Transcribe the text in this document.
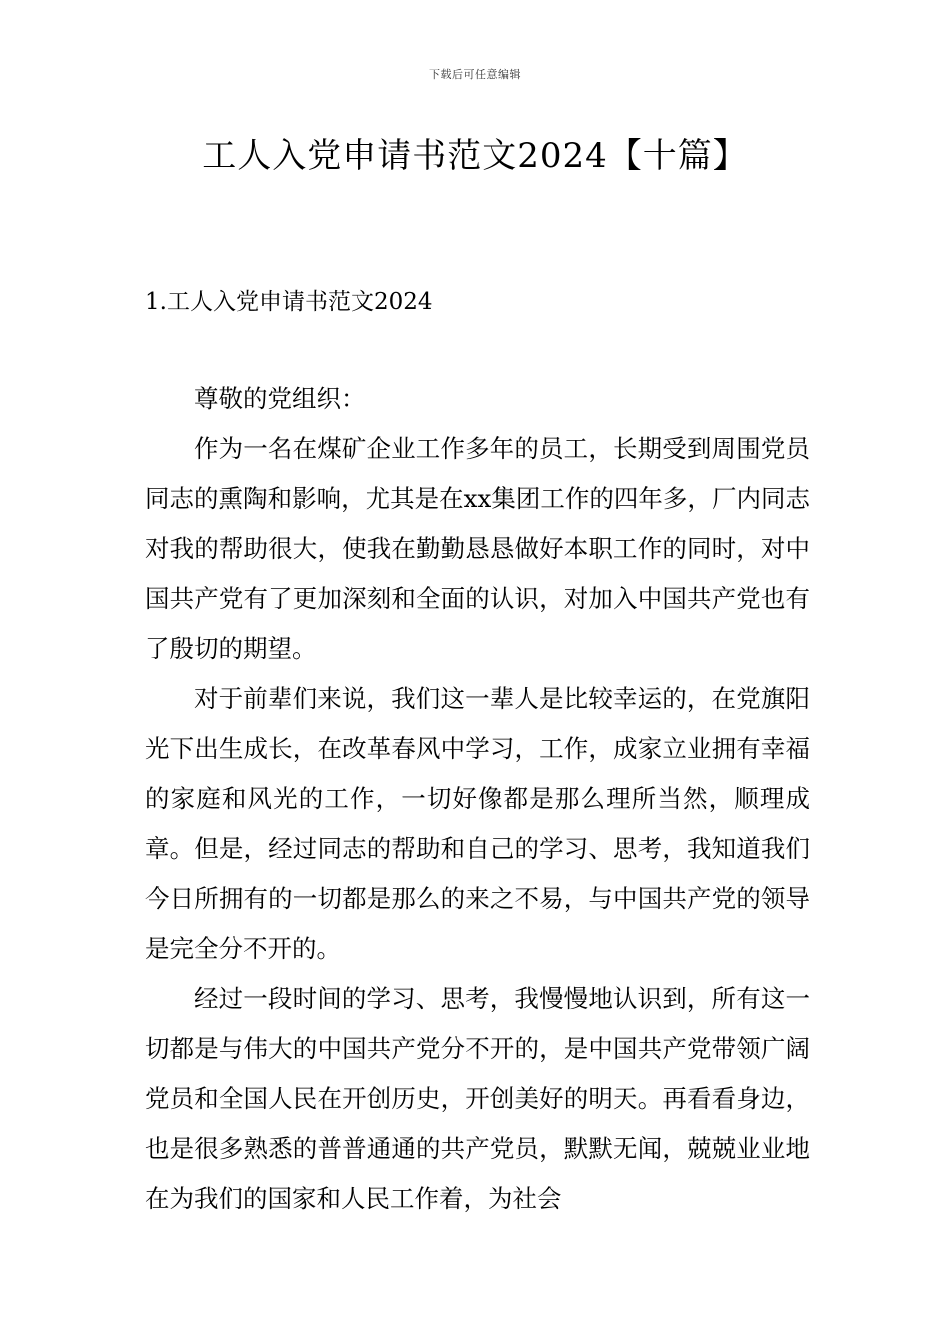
下载后可任意编辑
工人入党申请书范文2024【十篇】
1.工人入党申请书范文2024

尊敬的党组织：

作为一名在煤矿企业工作多年的员工，长期受到周围党员同志的熏陶和影响，尤其是在xx集团工作的四年多，厂内同志对我的帮助很大，使我在勤勤恳恳做好本职工作的同时，对中国共产党有了更加深刻和全面的认识，对加入中国共产党也有了殷切的期望。

对于前辈们来说，我们这一辈人是比较幸运的，在党旗阳光下出生成长，在改革春风中学习，工作，成家立业拥有幸福的家庭和风光的工作，一切好像都是那么理所当然，顺理成章。但是，经过同志的帮助和自己的学习、思考，我知道我们今日所拥有的一切都是那么的来之不易，与中国共产党的领导是完全分不开的。

经过一段时间的学习、思考，我慢慢地认识到，所有这一切都是与伟大的中国共产党分不开的，是中国共产党带领广阔党员和全国人民在开创历史，开创美好的明天。再看看身边，也是很多熟悉的普普通通的共产党员，默默无闻，兢兢业业地在为我们的国家和人民工作着，为社会
